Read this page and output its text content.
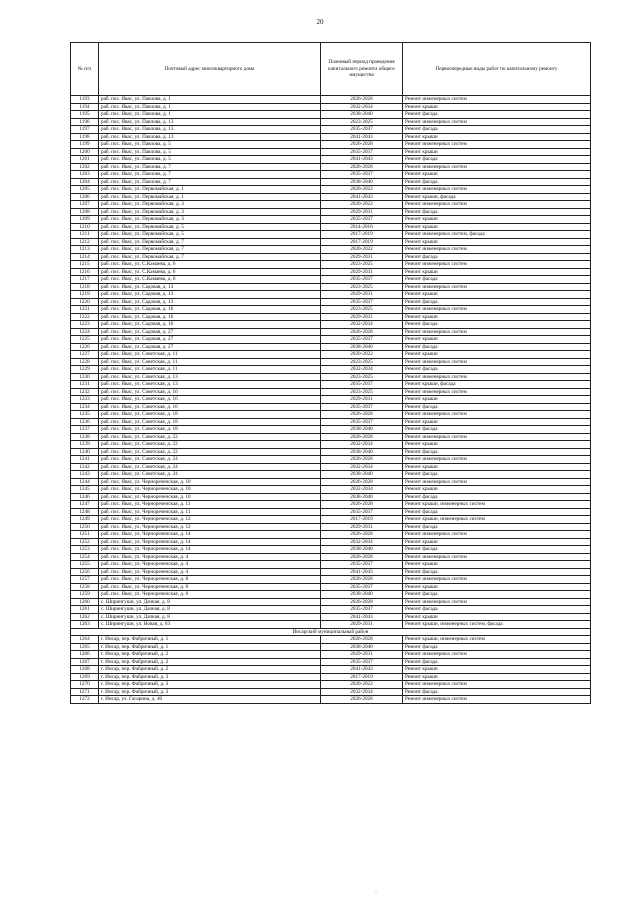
20
№ п/п	Почтовый адрес многоквартирного дома	Плановый период проведения капитального ремонта общего имущества	Первоочередные виды работ по капитальному ремонту
1193	раб. пос. Явас, ул. Павлова, д. 1	2026-2028	Ремонт инженерных систем
1194	раб. пос. Явас, ул. Павлова, д. 1	2032-2034	Ремонт крыши
1195	раб. пос. Явас, ул. Павлова, д. 1	2038-2040	Ремонт фасада
1196	раб. пос. Явас, ул. Павлова, д. 13	2023-2025	Ремонт инженерных систем
1197	раб. пос. Явас, ул. Павлова, д. 13	2035-2037	Ремонт фасада
1198	раб. пос. Явас, ул. Павлова, д. 13	2041-2043	Ремонт крыши
1199	раб. пос. Явас, ул. Павлова, д. 5	2026-2028	Ремонт инженерных систем
1200	раб. пос. Явас, ул. Павлова, д. 5	2035-2037	Ремонт крыши
1201	раб. пос. Явас, ул. Павлова, д. 5	2041-2043	Ремонт фасада
1202	раб. пос. Явас, ул. Павлова, д. 7	2026-2028	Ремонт инженерных систем
1203	раб. пос. Явас, ул. Павлова, д. 7	2035-2037	Ремонт крыши
1204	раб. пос. Явас, ул. Павлова, д. 7	2038-2040	Ремонт фасада
1205	раб. пос. Явас, ул. Первомайская, д. 1	2020-2022	Ремонт инженерных систем
1206	раб. пос. Явас, ул. Первомайская, д. 1	2041-2043	Ремонт крыши, фасада
1207	раб. пос. Явас, ул. Первомайская, д. 3	2020-2022	Ремонт инженерных систем
1208	раб. пос. Явас, ул. Первомайская, д. 3	2029-2031	Ремонт фасада
1209	раб. пос. Явас, ул. Первомайская, д. 3	2035-2037	Ремонт крыши
1210	раб. пос. Явас, ул. Первомайская, д. 5	2014-2016	Ремонт крыши
1211	раб. пос. Явас, ул. Первомайская, д. 5	2017-2019	Ремонт инженерных систем, фасада
1212	раб. пос. Явас, ул. Первомайская, д. 7	2017-2019	Ремонт крыши
1213	раб. пос. Явас, ул. Первомайская, д. 7	2020-2022	Ремонт инженерных систем
1214	раб. пос. Явас, ул. Первомайская, д. 7	2029-2031	Ремонт фасада
1215	раб. пос. Явас, ул. С.Камаева, д. 6	2023-2025	Ремонт инженерных систем
1216	раб. пос. Явас, ул. С.Камаева, д. 6	2029-2031	Ремонт крыши
1217	раб. пос. Явас, ул. С.Камаева, д. 6	2035-2037	Ремонт фасада
1218	раб. пос. Явас, ул. Садовая, д. 13	2023-2025	Ремонт инженерных систем
1219	раб. пос. Явас, ул. Садовая, д. 13	2029-2031	Ремонт крыши
1220	раб. пос. Явас, ул. Садовая, д. 13	2035-2037	Ремонт фасада
1221	раб. пос. Явас, ул. Садовая, д. 16	2023-2025	Ремонт инженерных систем
1222	раб. пос. Явас, ул. Садовая, д. 16	2029-2031	Ремонт крыши
1223	раб. пос. Явас, ул. Садовая, д. 16	2032-2034	Ремонт фасада
1224	раб. пос. Явас, ул. Садовая, д. 27	2026-2028	Ремонт инженерных систем
1225	раб. пос. Явас, ул. Садовая, д. 27	2035-2037	Ремонт крыши
1226	раб. пос. Явас, ул. Садовая, д. 27	2038-2040	Ремонт фасада
1227	раб. пос. Явас, ул. Советская, д. 11	2020-2022	Ремонт крыши
1228	раб. пос. Явас, ул. Советская, д. 11	2023-2025	Ремонт инженерных систем
1229	раб. пос. Явас, ул. Советская, д. 11	2032-2034	Ремонт фасада
1230	раб. пос. Явас, ул. Советская, д. 13	2023-2025	Ремонт инженерных систем
1231	раб. пос. Явас, ул. Советская, д. 13	2035-2037	Ремонт крыши, фасада
1232	раб. пос. Явас, ул. Советская, д. 16	2023-2025	Ремонт инженерных систем
1233	раб. пос. Явас, ул. Советская, д. 16	2029-2031	Ремонт крыши
1234	раб. пос. Явас, ул. Советская, д. 16	2035-2037	Ремонт фасада
1235	раб. пос. Явас, ул. Советская, д. 18	2026-2028	Ремонт инженерных систем
1236	раб. пос. Явас, ул. Советская, д. 18	2035-2037	Ремонт крыши
1237	раб. пос. Явас, ул. Советская, д. 18	2038-2040	Ремонт фасада
1238	раб. пос. Явас, ул. Советская, д. 22	2026-2028	Ремонт инженерных систем
1239	раб. пос. Явас, ул. Советская, д. 22	2032-2034	Ремонт крыши
1240	раб. пос. Явас, ул. Советская, д. 22	2038-2040	Ремонт фасада
1241	раб. пос. Явас, ул. Советская, д. 24	2026-2028	Ремонт инженерных систем
1242	раб. пос. Явас, ул. Советская, д. 24	2032-2034	Ремонт крыши
1243	раб. пос. Явас, ул. Советская, д. 24	2038-2040	Ремонт фасада
1244	раб. пос. Явас, ул. Чернореченская, д. 10	2026-2028	Ремонт инженерных систем
1245	раб. пос. Явас, ул. Чернореченская, д. 10	2032-2034	Ремонт крыши
1246	раб. пос. Явас, ул. Чернореченская, д. 10	2038-2040	Ремонт фасада
1247	раб. пос. Явас, ул. Чернореченская, д. 11	2026-2028	Ремонт крыши, инженерных систем
1248	раб. пос. Явас, ул. Чернореченская, д. 11	2035-2037	Ремонт фасада
1249	раб. пос. Явас, ул. Чернореченская, д. 12	2017-2019	Ремонт крыши, инженерных систем
1250	раб. пос. Явас, ул. Чернореченская, д. 12	2029-2031	Ремонт фасада
1251	раб. пос. Явас, ул. Чернореченская, д. 14	2026-2028	Ремонт инженерных систем
1252	раб. пос. Явас, ул. Чернореченская, д. 14	2032-2034	Ремонт крыши
1253	раб. пос. Явас, ул. Чернореченская, д. 14	2038-2040	Ремонт фасада
1254	раб. пос. Явас, ул. Чернореченская, д. 4	2026-2028	Ремонт инженерных систем
1255	раб. пос. Явас, ул. Чернореченская, д. 4	2035-2037	Ремонт крыши
1256	раб. пос. Явас, ул. Чернореченская, д. 4	2041-2043	Ремонт фасада
1257	раб. пос. Явас, ул. Чернореченская, д. 8	2026-2028	Ремонт инженерных систем
1258	раб. пос. Явас, ул. Чернореченская, д. 8	2035-2037	Ремонт крыши
1259	раб. пос. Явас, ул. Чернореченская, д. 8	2038-2040	Ремонт фасада
1260	с. Ширингуши, ул. Дачная, д. 8	2026-2028	Ремонт инженерных систем
1261	с. Ширингуши, ул. Дачная, д. 8	2035-2037	Ремонт фасада
1262	с. Ширингуши, ул. Дачная, д. 8	2041-2043	Ремонт крыши
1263	с. Ширингуши, ул. Новая, д. 63	2029-2031	Ремонт крыши, инженерных систем, фасада
Инсарский муниципальный район			
1264	г. Инсар, пер. Фабричный, д. 1	2026-2028	Ремонт крыши, инженерных систем
1265	г. Инсар, пер. Фабричный, д. 1	2038-2040	Ремонт фасада
1266	г. Инсар, пер. Фабричный, д. 2	2029-2031	Ремонт инженерных систем
1267	г. Инсар, пер. Фабричный, д. 2	2035-2037	Ремонт фасада
1268	г. Инсар, пер. Фабричный, д. 2	2041-2043	Ремонт крыши
1269	г. Инсар, пер. Фабричный, д. 3	2017-2019	Ремонт крыши
1270	г. Инсар, пер. Фабричный, д. 3	2020-2022	Ремонт инженерных систем
1271	г. Инсар, пер. Фабричный, д. 3	2032-2034	Ремонт фасада
1272	г. Инсар, ул. Гагарина, д. 40	2026-2028	Ремонт инженерных систем
·
